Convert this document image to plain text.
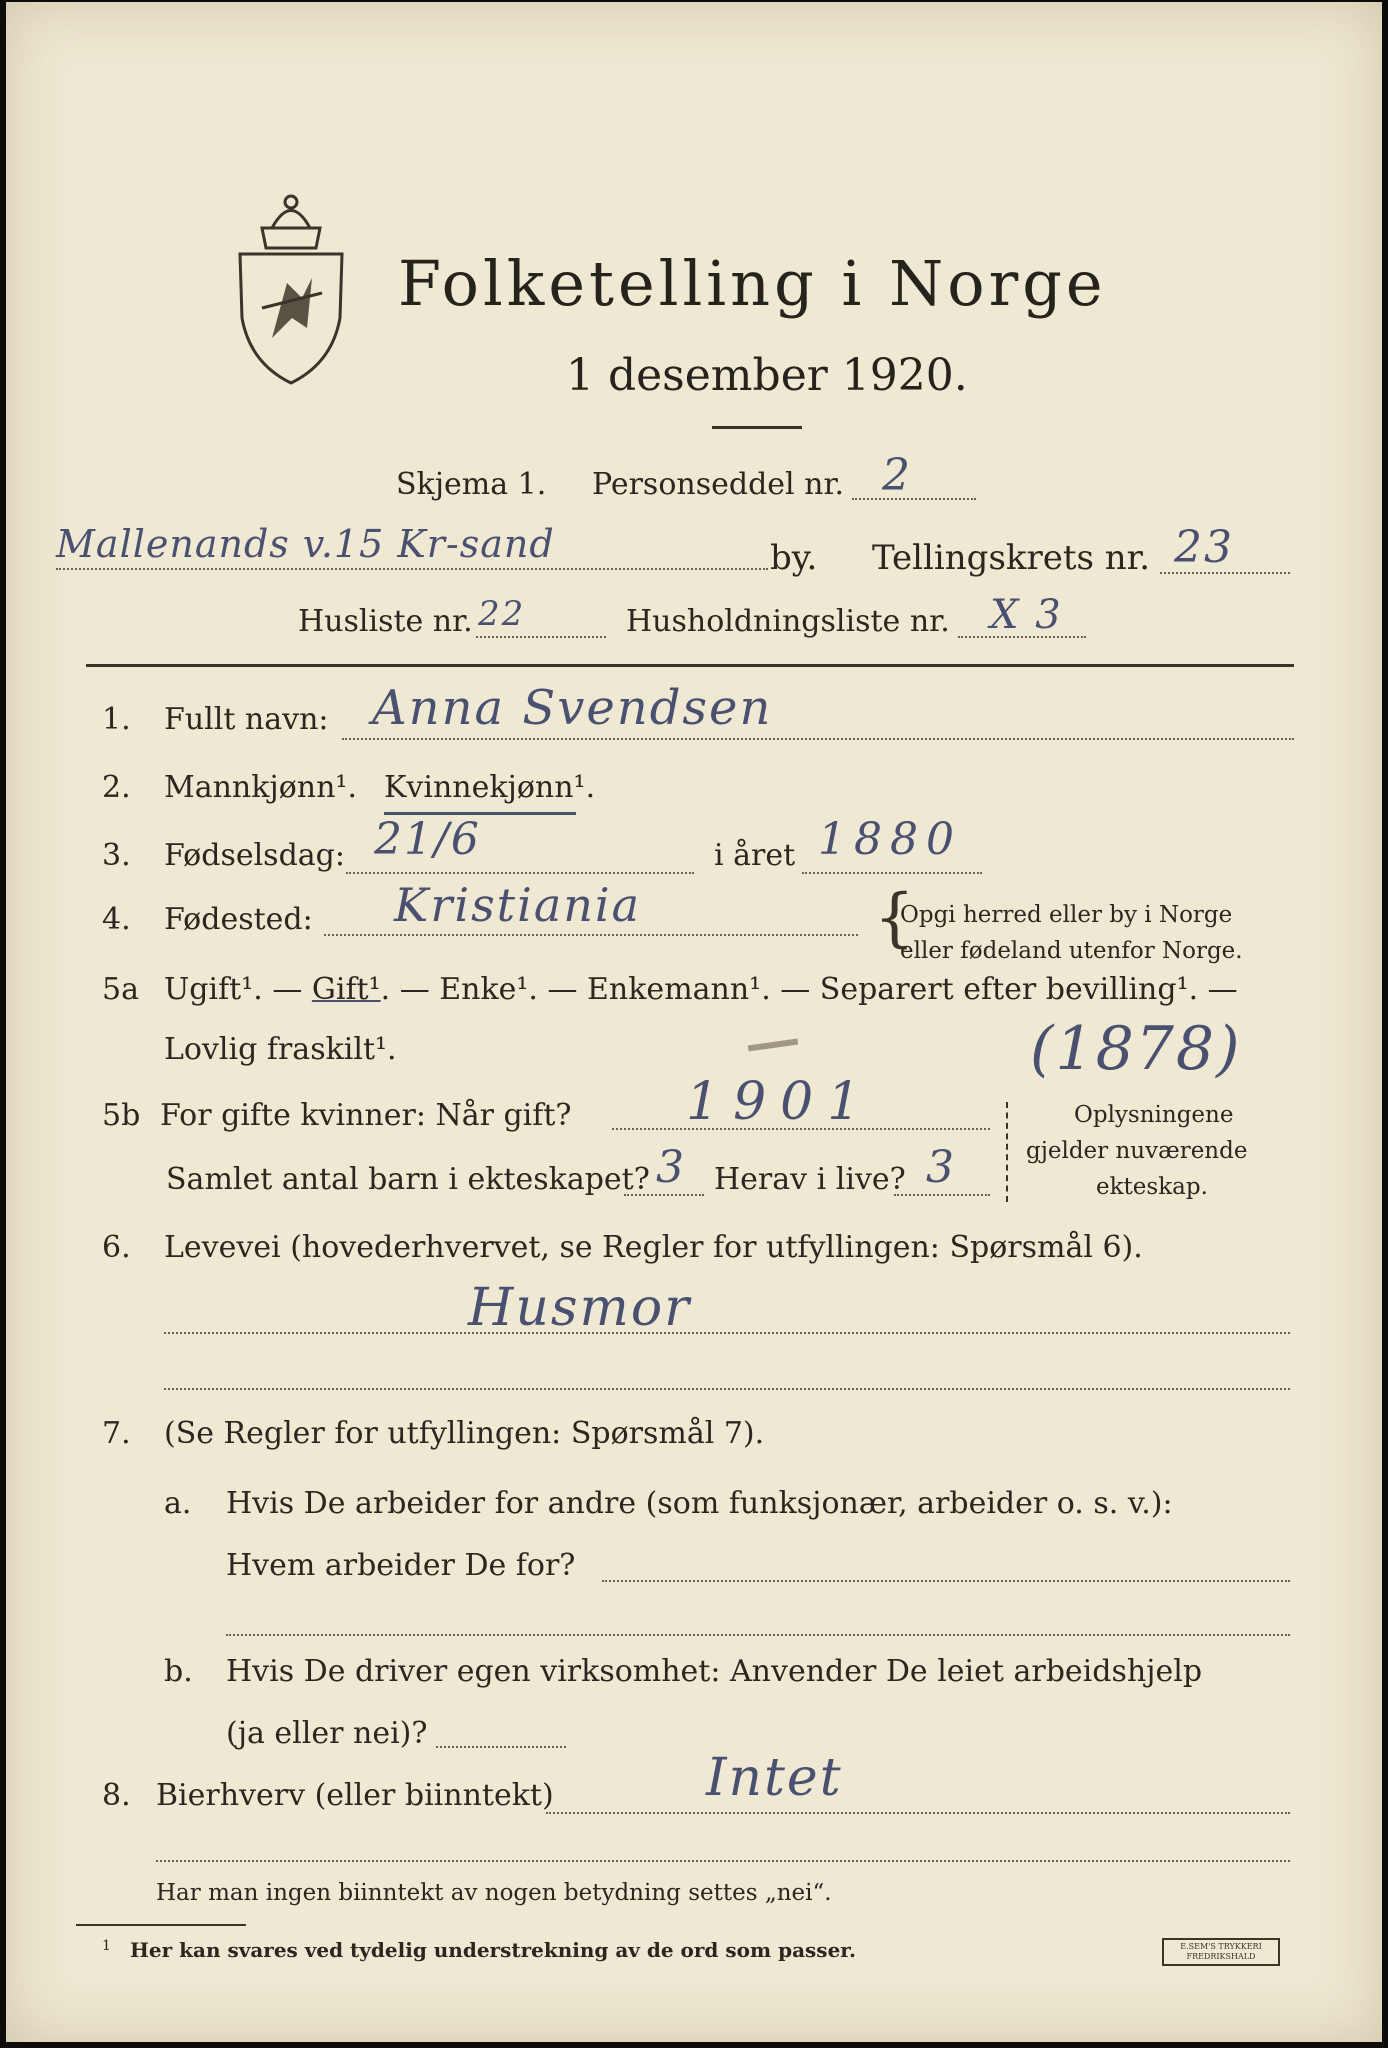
Folketelling i Norge
1 desember 1920.
Skjema 1. Personseddel nr. 2
Mallenands v.15 Kr-sand	by. Tellingskrets nr. 23
Husliste nr. 22	Husholdningsliste nr. X 3
1. Fullt navn: Anna Svendsen
2. Mannkjønn¹. Kvinnekjønn¹.
3. Fødselsdag: 21/6	i året 1880
4. Fødested: Kristiania	{
Opgi herred eller by i Norge
eller fødeland utenfor Norge.
5a Ugift¹. — Gift¹. — Enke¹. — Enkemann¹. — Separert efter bevilling¹. —
Lovlig fraskilt¹.	(1878)
5b For gifte kvinner: Når gift? 1901
Samlet antal barn i ekteskapet? 3 Herav i live? 3
Oplysningene
gjelder nuværende
ekteskap.
6. Levevei (hovederhvervet, se Regler for utfyllingen: Spørsmål 6).
Husmor
7. (Se Regler for utfyllingen: Spørsmål 7).
a. Hvis De arbeider for andre (som funksjonær, arbeider o. s. v.):
Hvem arbeider De for?
b. Hvis De driver egen virksomhet: Anvender De leiet arbeidshjelp
(ja eller nei)?
8. Bierhverv (eller biinntekt)	Intet
Har man ingen biinntekt av nogen betydning settes „nei“.
1 Her kan svares ved tydelig understrekning av de ord som passer.	E.SEM'S TRYKKERI FREDRIKSHALD
